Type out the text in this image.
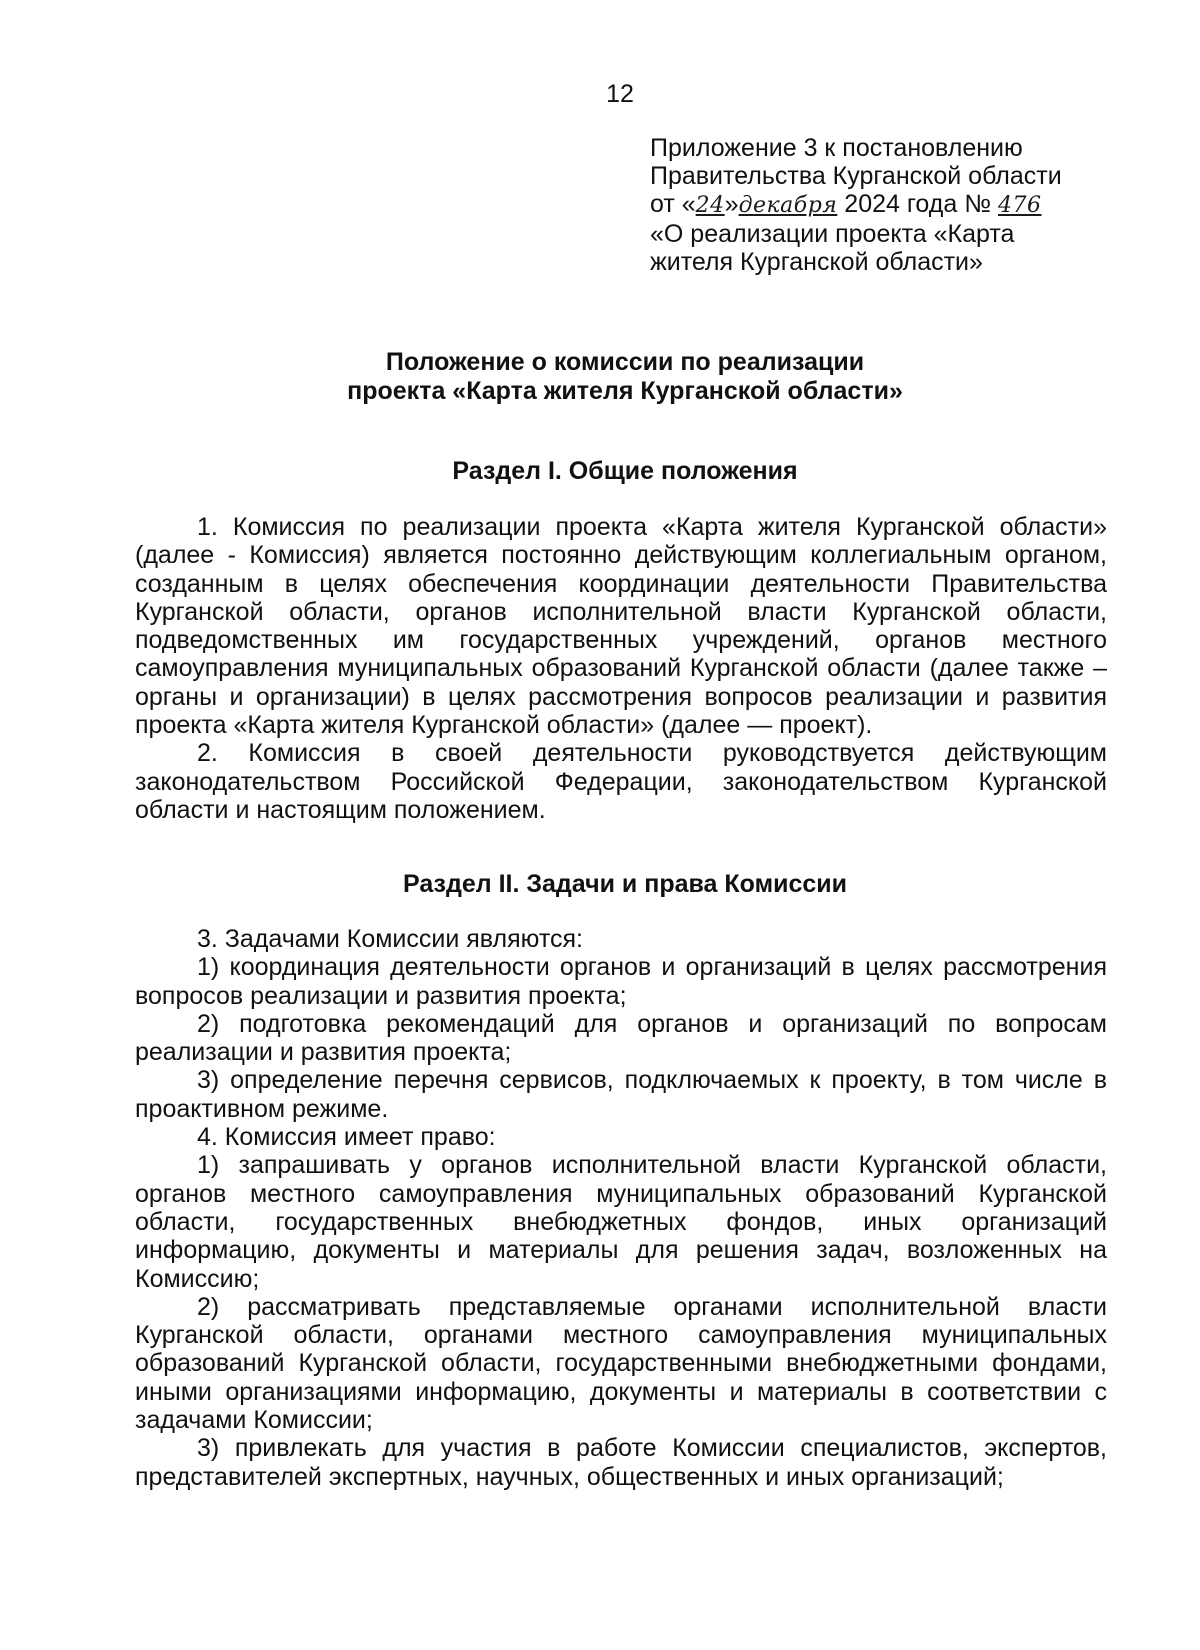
12
Приложение 3 к постановлению
Правительства Курганской области
от «24»декабря 2024 года № 476
«О реализации проекта «Карта
жителя Курганской области»
Положение о комиссии по реализации
проекта «Карта жителя Курганской области»
Раздел I. Общие положения

1. Комиссия по реализации проекта «Карта жителя Курганской области» (далее - Комиссия) является постоянно действующим коллегиальным органом, созданным в целях обеспечения координации деятельности Правительства Курганской области, органов исполнительной власти Курганской области, подведомственных им государственных учреждений, органов местного самоуправления муниципальных образований Курганской области (далее также – органы и организации) в целях рассмотрения вопросов реализации и развития проекта «Карта жителя Курганской области» (далее — проект).

2. Комиссия в своей деятельности руководствуется действующим законодательством Российской Федерации, законодательством Курганской области и настоящим положением.

Раздел II. Задачи и права Комиссии

3. Задачами Комиссии являются:

1) координация деятельности органов и организаций в целях рассмотрения вопросов реализации и развития проекта;

2) подготовка рекомендаций для органов и организаций по вопросам реализации и развития проекта;

3) определение перечня сервисов, подключаемых к проекту, в том числе в проактивном режиме.

4. Комиссия имеет право:

1) запрашивать у органов исполнительной власти Курганской области, органов местного самоуправления муниципальных образований Курганской области, государственных внебюджетных фондов, иных организаций информацию, документы и материалы для решения задач, возложенных на Комиссию;

2) рассматривать представляемые органами исполнительной власти Курганской области, органами местного самоуправления муниципальных образований Курганской области, государственными внебюджетными фондами, иными организациями информацию, документы и материалы в соответствии с задачами Комиссии;

3) привлекать для участия в работе Комиссии специалистов, экспертов, представителей экспертных, научных, общественных и иных организаций;
